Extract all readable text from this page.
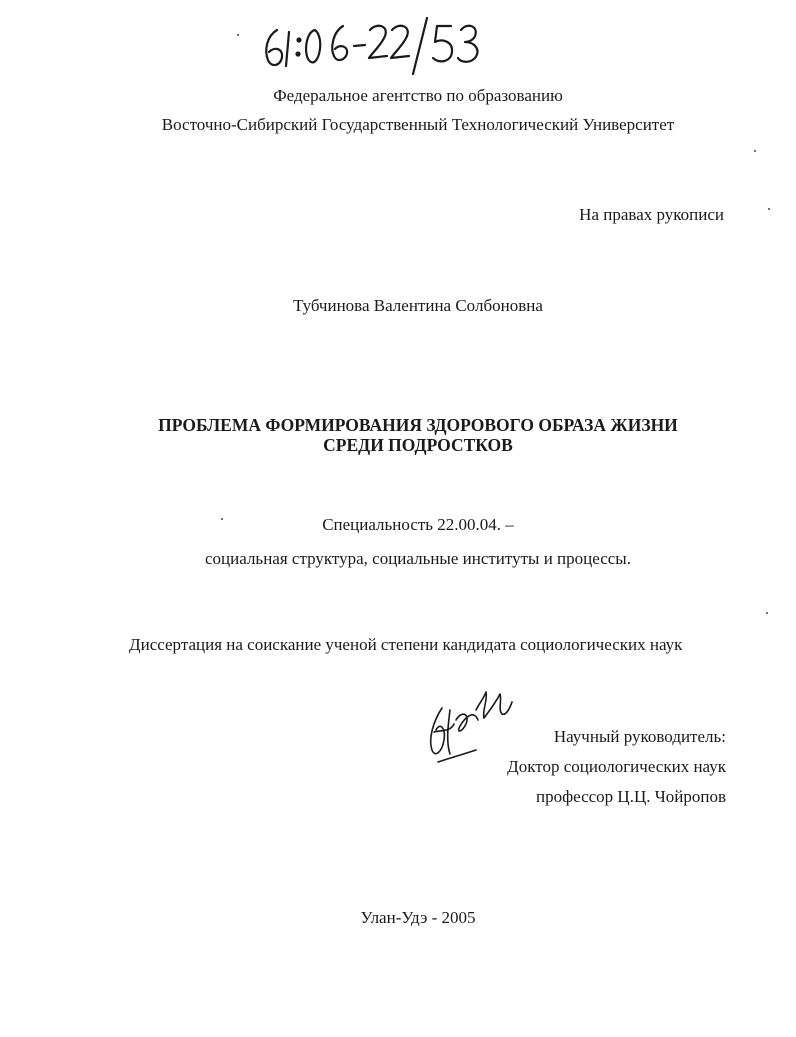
Федеральное агентство по образованию
Восточно-Сибирский Государственный Технологический Университет
На правах рукописи
Тубчинова Валентина Солбоновна
ПРОБЛЕМА ФОРМИРОВАНИЯ ЗДОРОВОГО ОБРАЗА ЖИЗНИ
СРЕДИ ПОДРОСТКОВ
Специальность 22.00.04. –
социальная структура, социальные институты и процессы.
Диссертация на соискание ученой степени кандидата социологических наук
Научный руководитель:
Доктор социологических наук
профессор Ц.Ц. Чойропов
Улан-Удэ - 2005
